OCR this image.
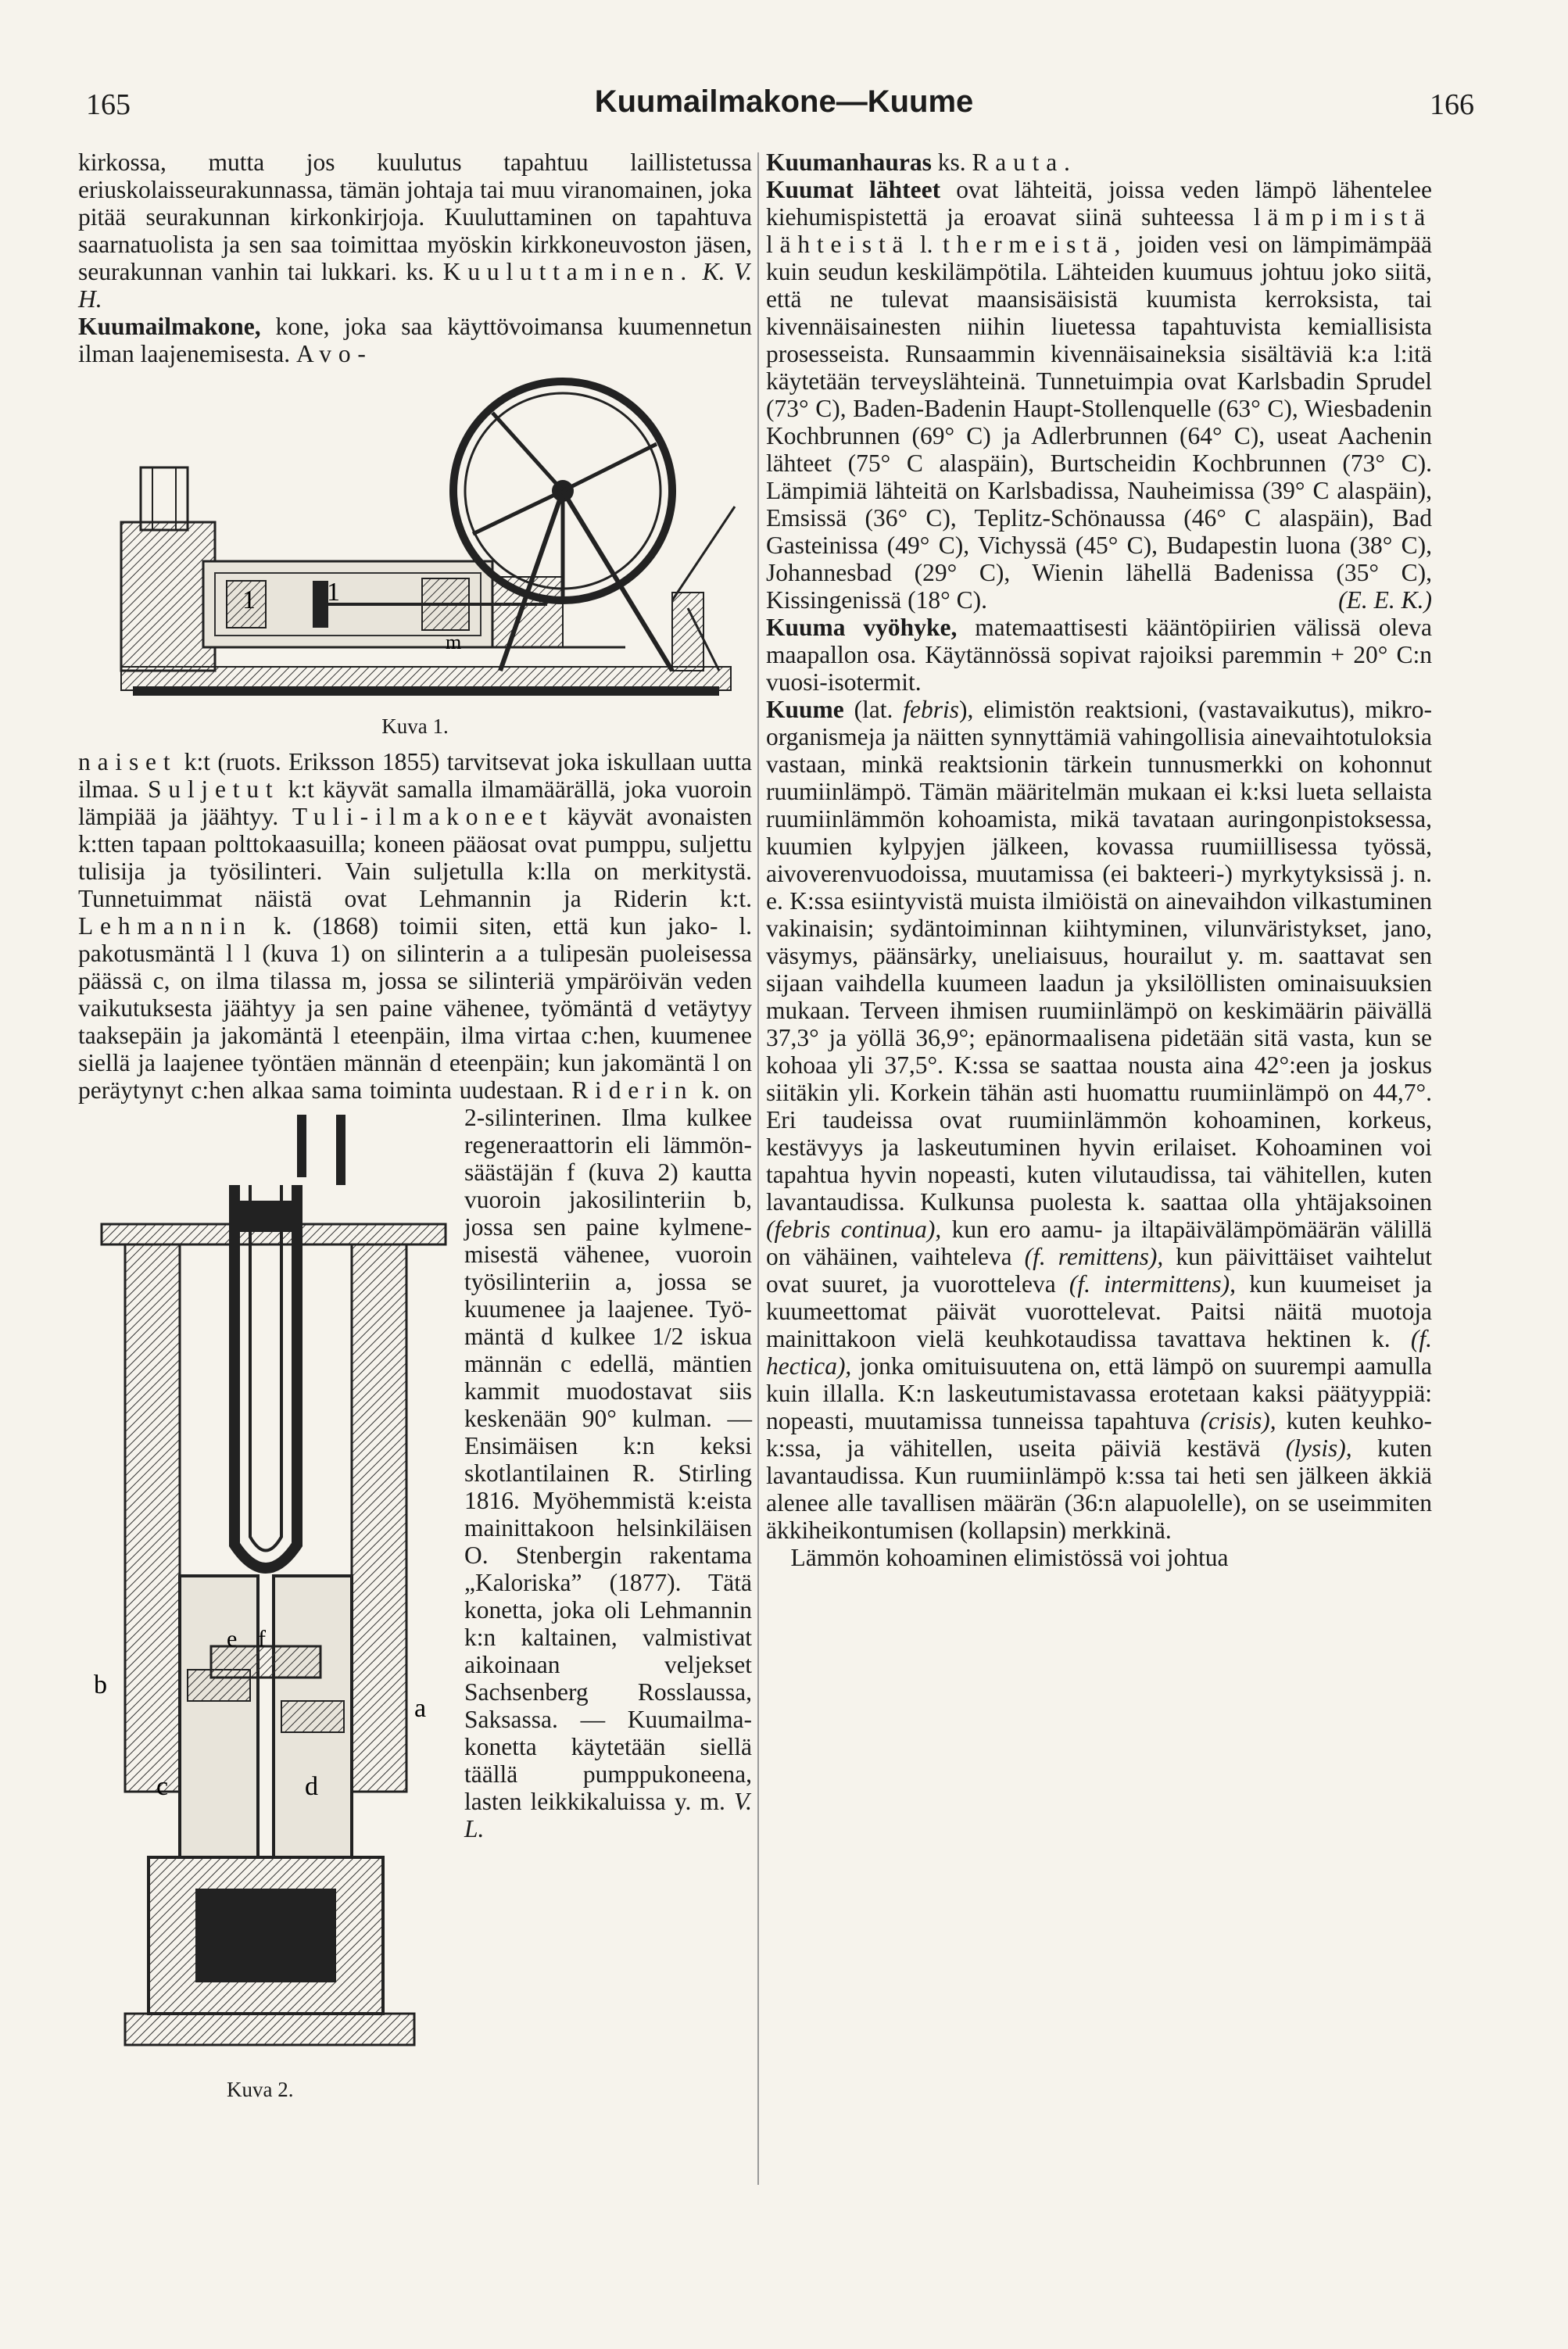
165	Kuumailmakone—Kuume	166
kirkossa, mutta jos kuulutus tapahtuu laillistetussa eriuskolaisseurakunnassa, tämän johtaja tai muu viranomainen, joka pitää seurakunnan kirkonkirjoja. Kuuluttaminen on tapahtuva saarnatuolista ja sen saa toimittaa myöskin kirkkoneuvoston jäsen, seurakunnan vanhin tai lukkari. ks. Kuuluttaminen. K. V. H.
Kuumailmakone, kone, joka saa käyttövoimansa kuumennetun ilman laajenemisesta. Avo-
1	1
m
Kuva 1.
naiset k:t (ruots. Eriksson 1855) tarvitsevat joka iskullaan uutta ilmaa. Suljetut k:t käyvät samalla ilmamäärällä, joka vuoroin lämpiää ja jäähtyy. Tuli-ilmakoneet käyvät avonaisten k:tten tapaan polttokaasuilla; koneen pääosat ovat pumppu, suljettu tulisija ja työsilinteri. Vain suljetulla k:lla on merkitystä. Tunnetuimmat näistä ovat Lehmannin ja Riderin k:t. Lehmannin k. (1868) toimii siten, että kun jako- l. pakotusmäntä l l (kuva 1) on silinterin a a tulipesän puoleisessa päässä c, on ilma tilassa m, jossa se silinteriä ympäröivän veden vaikutuksesta jäähtyy ja sen paine vähenee, työmäntä d vetäytyy taaksepäin ja jakomäntä l eteenpäin, ilma virtaa c:hen, kuumenee siellä ja laajenee työntäen männän d eteenpäin; kun jakomäntä l on peräytynyt c:hen alkaa sama toiminta uudestaan. Riderin
b
a
c	d
e f
Kuva 2.
k. on 2-silinterinen. Ilma kulkee regeneraattorin eli lämmönsäästäjän f (kuva 2) kautta vuoroin jakosilinteriin b, jossa sen paine kylmenemisestä vähenee, vuoroin työsilinteriin a, jossa se kuumenee ja laajenee. Työmäntä d kulkee 1/2 iskua männän c edellä, mäntien kammit muodostavat siis keskenään 90° kulman. — Ensimäisen k:n keksi skotlantilainen R. Stirling 1816. Myöhemmistä k:eista mainittakoon helsinkiläisen O. Stenbergin rakentama „Kaloriska” (1877). Tätä konetta, joka oli Lehmannin k:n kaltainen, valmistivat aikoinaan veljekset Sachsenberg Rosslaussa, Saksassa. — Kuumailmakonetta käytetään siellä täällä pumppukoneena, lasten leikkikaluissa y. m. V. L.
Kuumanhauras ks. Rauta.
Kuumat lähteet ovat lähteitä, joissa veden lämpö lähentelee kiehumispistettä ja eroavat siinä suhteessa lämpimistä lähteistä l. thermeistä, joiden vesi on lämpimämpää kuin seudun keskilämpötila. Lähteiden kuumuus johtuu joko siitä, että ne tulevat maansisäisistä kuumista kerroksista, tai kivennäisainesten niihin liuetessa tapahtuvista kemiallisista prosesseista. Runsaammin kivennäisaineksia sisältäviä k:a l:itä käytetään terveyslähteinä. Tunnetuimpia ovat Karlsbadin Sprudel (73° C), Baden-Badenin Haupt-Stollenquelle (63° C), Wiesbadenin Kochbrunnen (69° C) ja Adlerbrunnen (64° C), useat Aachenin lähteet (75° C alaspäin), Burtscheidin Kochbrunnen (73° C). Lämpimiä lähteitä on Karlsbadissa, Nauheimissa (39° C alaspäin), Emsissä (36° C), Teplitz-Schönaussa (46° C alaspäin), Bad Gasteinissa (49° C), Vichyssä (45° C), Budapestin luona (38° C), Johannesbad (29° C), Wienin lähellä Badenissa (35° C), Kissingenissä (18° C).	(E. E. K.)
Kuuma vyöhyke, matemaattisesti kääntöpiirien välissä oleva maapallon osa. Käytännössä sopivat rajoiksi paremmin + 20° C:n vuosi-isotermit.
Kuume (lat. febris), elimistön reaktsioni, (vastavaikutus), mikro-organismeja ja näitten synnyttämiä vahingollisia ainevaihtotuloksia vastaan, minkä reaktsionin tärkein tunnusmerkki on kohonnut ruumiinlämpö. Tämän määritelmän mukaan ei k:ksi lueta sellaista ruumiinlämmön kohoamista, mikä tavataan auringonpistoksessa, kuumien kylpyjen jälkeen, kovassa ruumiillisessa työssä, aivoverenvuodoissa, muutamissa (ei bakteeri-) myrkytyksissä j. n. e. K:ssa esiintyvistä muista ilmiöistä on ainevaihdon vilkastuminen vakinaisin; sydäntoiminnan kiihtyminen, vilunväristykset, jano, väsymys, päänsärky, uneliaisuus, hourailut y. m. saattavat sen sijaan vaihdella kuumeen laadun ja yksilöllisten ominaisuuksien mukaan. Terveen ihmisen ruumiinlämpö on keskimäärin päivällä 37,3° ja yöllä 36,9°; epänormaalisena pidetään sitä vasta, kun se kohoaa yli 37,5°. K:ssa se saattaa nousta aina 42°:een ja joskus siitäkin yli. Korkein tähän asti huomattu ruumiinlämpö on 44,7°. Eri taudeissa ovat ruumiinlämmön kohoaminen, korkeus, kestävyys ja laskeutuminen hyvin erilaiset. Kohoaminen voi tapahtua hyvin nopeasti, kuten vilutaudissa, tai vähitellen, kuten lavantaudissa. Kulkunsa puolesta k. saattaa olla yhtäjaksoinen (febris continua), kun ero aamu- ja iltapäivälämpömäärän välillä on vähäinen, vaihteleva (f. remittens), kun päivittäiset vaihtelut ovat suuret, ja vuorotteleva (f. intermittens), kun kuumeiset ja kuumeettomat päivät vuorottelevat. Paitsi näitä muotoja mainittakoon vielä keuhkotaudissa tavattava hektinen k. (f. hectica), jonka omituisuutena on, että lämpö on suurempi aamulla kuin illalla. K:n laskeutumistavassa erotetaan kaksi päätyyppiä: nopeasti, muutamissa tunneissa tapahtuva (crisis), kuten keuhko-k:ssa, ja vähitellen, useita päiviä kestävä (lysis), kuten lavantaudissa. Kun ruumiinlämpö k:ssa tai heti sen jälkeen äkkiä alenee alle tavallisen määrän (36:n alapuolelle), on se useimmiten äkkiheikontumisen (kollapsin) merkkinä.
Lämmön kohoaminen elimistössä voi johtua
